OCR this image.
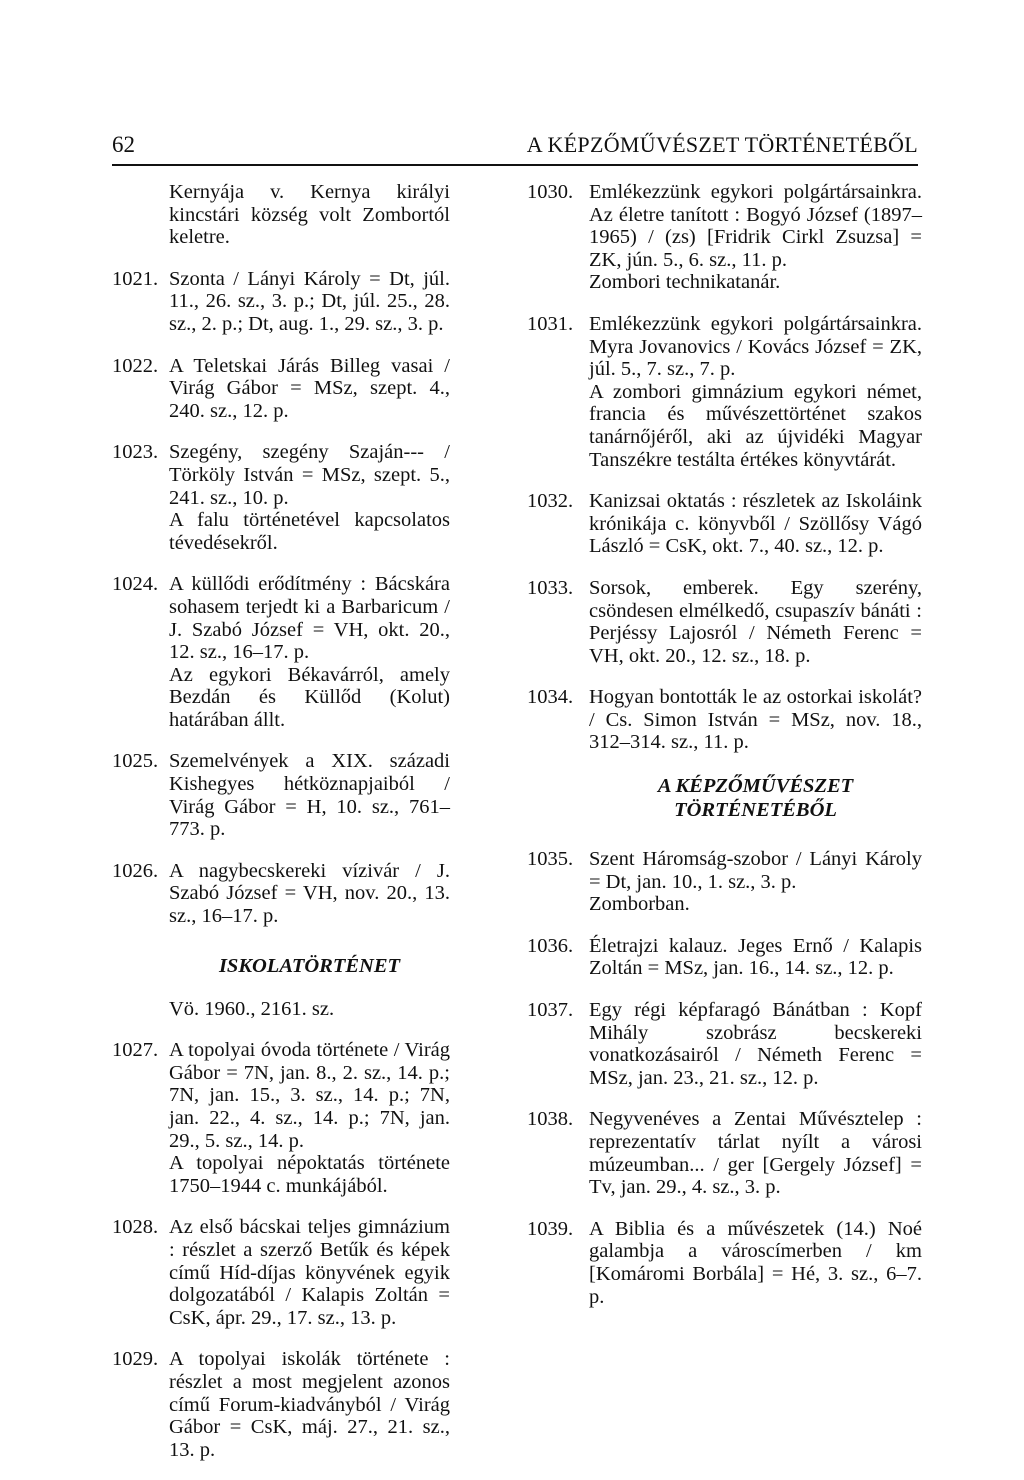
62	A KÉPZŐMŰVÉSZET TÖRTÉNETÉBŐL

Kernyája v. Kernya királyi kincstári község volt Zombortól keletre.

1021. Szonta / Lányi Károly = Dt, júl. 11., 26. sz., 3. p.; Dt, júl. 25., 28. sz., 2. p.; Dt, aug. 1., 29. sz., 3. p.

1022. A Teletskai Járás Billeg vasai / Virág Gábor = MSz, szept. 4., 240. sz., 12. p.

1023. Szegény, szegény Szaján--- / Törköly István = MSz, szept. 5., 241. sz., 10. p.

A falu történetével kapcsolatos tévedésekről.

1024. A küllődi erődítmény : Bácskára sohasem terjedt ki a Barbaricum / J. Szabó József = VH, okt. 20., 12. sz., 16–17. p.

Az egykori Békavárról, amely Bezdán és Küllőd (Kolut) határában állt.

1025. Szemelvények a XIX. századi Kishegyes hétköznapjaiból / Virág Gábor = H, 10. sz., 761–773. p.

1026. A nagybecskereki vízivár / J. Szabó József = VH, nov. 20., 13. sz., 16–17. p.

ISKOLATÖRTÉNET
Vö. 1960., 2161. sz.
1027. A topolyai óvoda története / Virág Gábor = 7N, jan. 8., 2. sz., 14. p.; 7N, jan. 15., 3. sz., 14. p.; 7N, jan. 22., 4. sz., 14. p.; 7N, jan. 29., 5. sz., 14. p.

A topolyai népoktatás története 1750–1944 c. munkájából.

1028. Az első bácskai teljes gimnázium : részlet a szerző Betűk és képek című Híd-díjas könyvének egyik dolgozatából / Kalapis Zoltán = CsK, ápr. 29., 17. sz., 13. p.

1029. A topolyai iskolák története : részlet a most megjelent azonos című Forum-kiadványból / Virág Gábor = CsK, máj. 27., 21. sz., 13. p.

1030. Emlékezzünk egykori polgártársainkra. Az életre tanított : Bogyó József (1897–1965) / (zs) [Fridrik Cirkl Zsuzsa] = ZK, jún. 5., 6. sz., 11. p.

Zombori technikatanár.

1031. Emlékezzünk egykori polgártársainkra. Myra Jovanovics / Kovács József = ZK, júl. 5., 7. sz., 7. p.

A zombori gimnázium egykori német, francia és művészettörténet szakos tanárnőjéről, aki az újvidéki Magyar Tanszékre testálta értékes könyvtárát.

1032. Kanizsai oktatás : részletek az Iskoláink krónikája c. könyvből / Szöllősy Vágó László = CsK, okt. 7., 40. sz., 12. p.

1033. Sorsok, emberek. Egy szerény, csöndesen elmélkedő, csupaszív bánáti : Perjéssy Lajosról / Németh Ferenc = VH, okt. 20., 12. sz., 18. p.

1034. Hogyan bontották le az ostorkai iskolát? / Cs. Simon István = MSz, nov. 18., 312–314. sz., 11. p.

A KÉPZŐMŰVÉSZET
TÖRTÉNETÉBŐL
1035. Szent Háromság-szobor / Lányi Károly = Dt, jan. 10., 1. sz., 3. p.

Zomborban.

1036. Életrajzi kalauz. Jeges Ernő / Kalapis Zoltán = MSz, jan. 16., 14. sz., 12. p.

1037. Egy régi képfaragó Bánátban : Kopf Mihály szobrász becskereki vonatkozásairól / Németh Ferenc = MSz, jan. 23., 21. sz., 12. p.

1038. Negyvenéves a Zentai Művésztelep : reprezentatív tárlat nyílt a városi múzeumban... / ger [Gergely József] = Tv, jan. 29., 4. sz., 3. p.

1039. A Biblia és a művészetek (14.) Noé galambja a városcímerben / km [Komáromi Borbála] = Hé, 3. sz., 6–7. p.
